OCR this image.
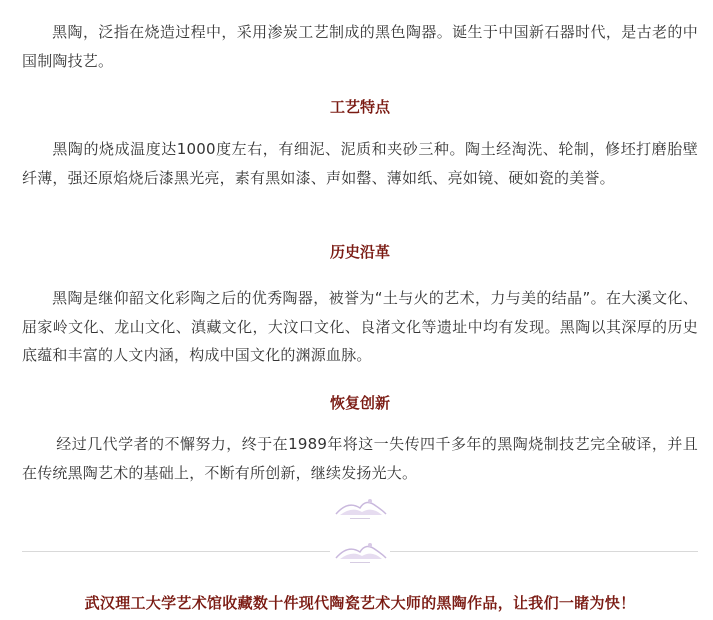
黑陶，泛指在烧造过程中，采用渗炭工艺制成的黑色陶器。诞生于中国新石器时代，是古老的中国制陶技艺。

工艺特点

黑陶的烧成温度达1000度左右，有细泥、泥质和夹砂三种。陶土经淘洗、轮制，修坯打磨胎壁纤薄，强还原焰烧后漆黑光亮，素有黑如漆、声如罄、薄如纸、亮如镜、硬如瓷的美誉。

历史沿革

黑陶是继仰韶文化彩陶之后的优秀陶器，被誉为“土与火的艺术，力与美的结晶”。在大溪文化、屈家岭文化、龙山文化、滇藏文化，大汶口文化、良渚文化等遗址中均有发现。黑陶以其深厚的历史底蕴和丰富的人文内涵，构成中国文化的渊源血脉。

恢复创新

经过几代学者的不懈努力，终于在1989年将这一失传四千多年的黑陶烧制技艺完全破译，并且在传统黑陶艺术的基础上，不断有所创新，继续发扬光大。

武汉理工大学艺术馆收藏数十件现代陶瓷艺术大师的黑陶作品，让我们一睹为快！
